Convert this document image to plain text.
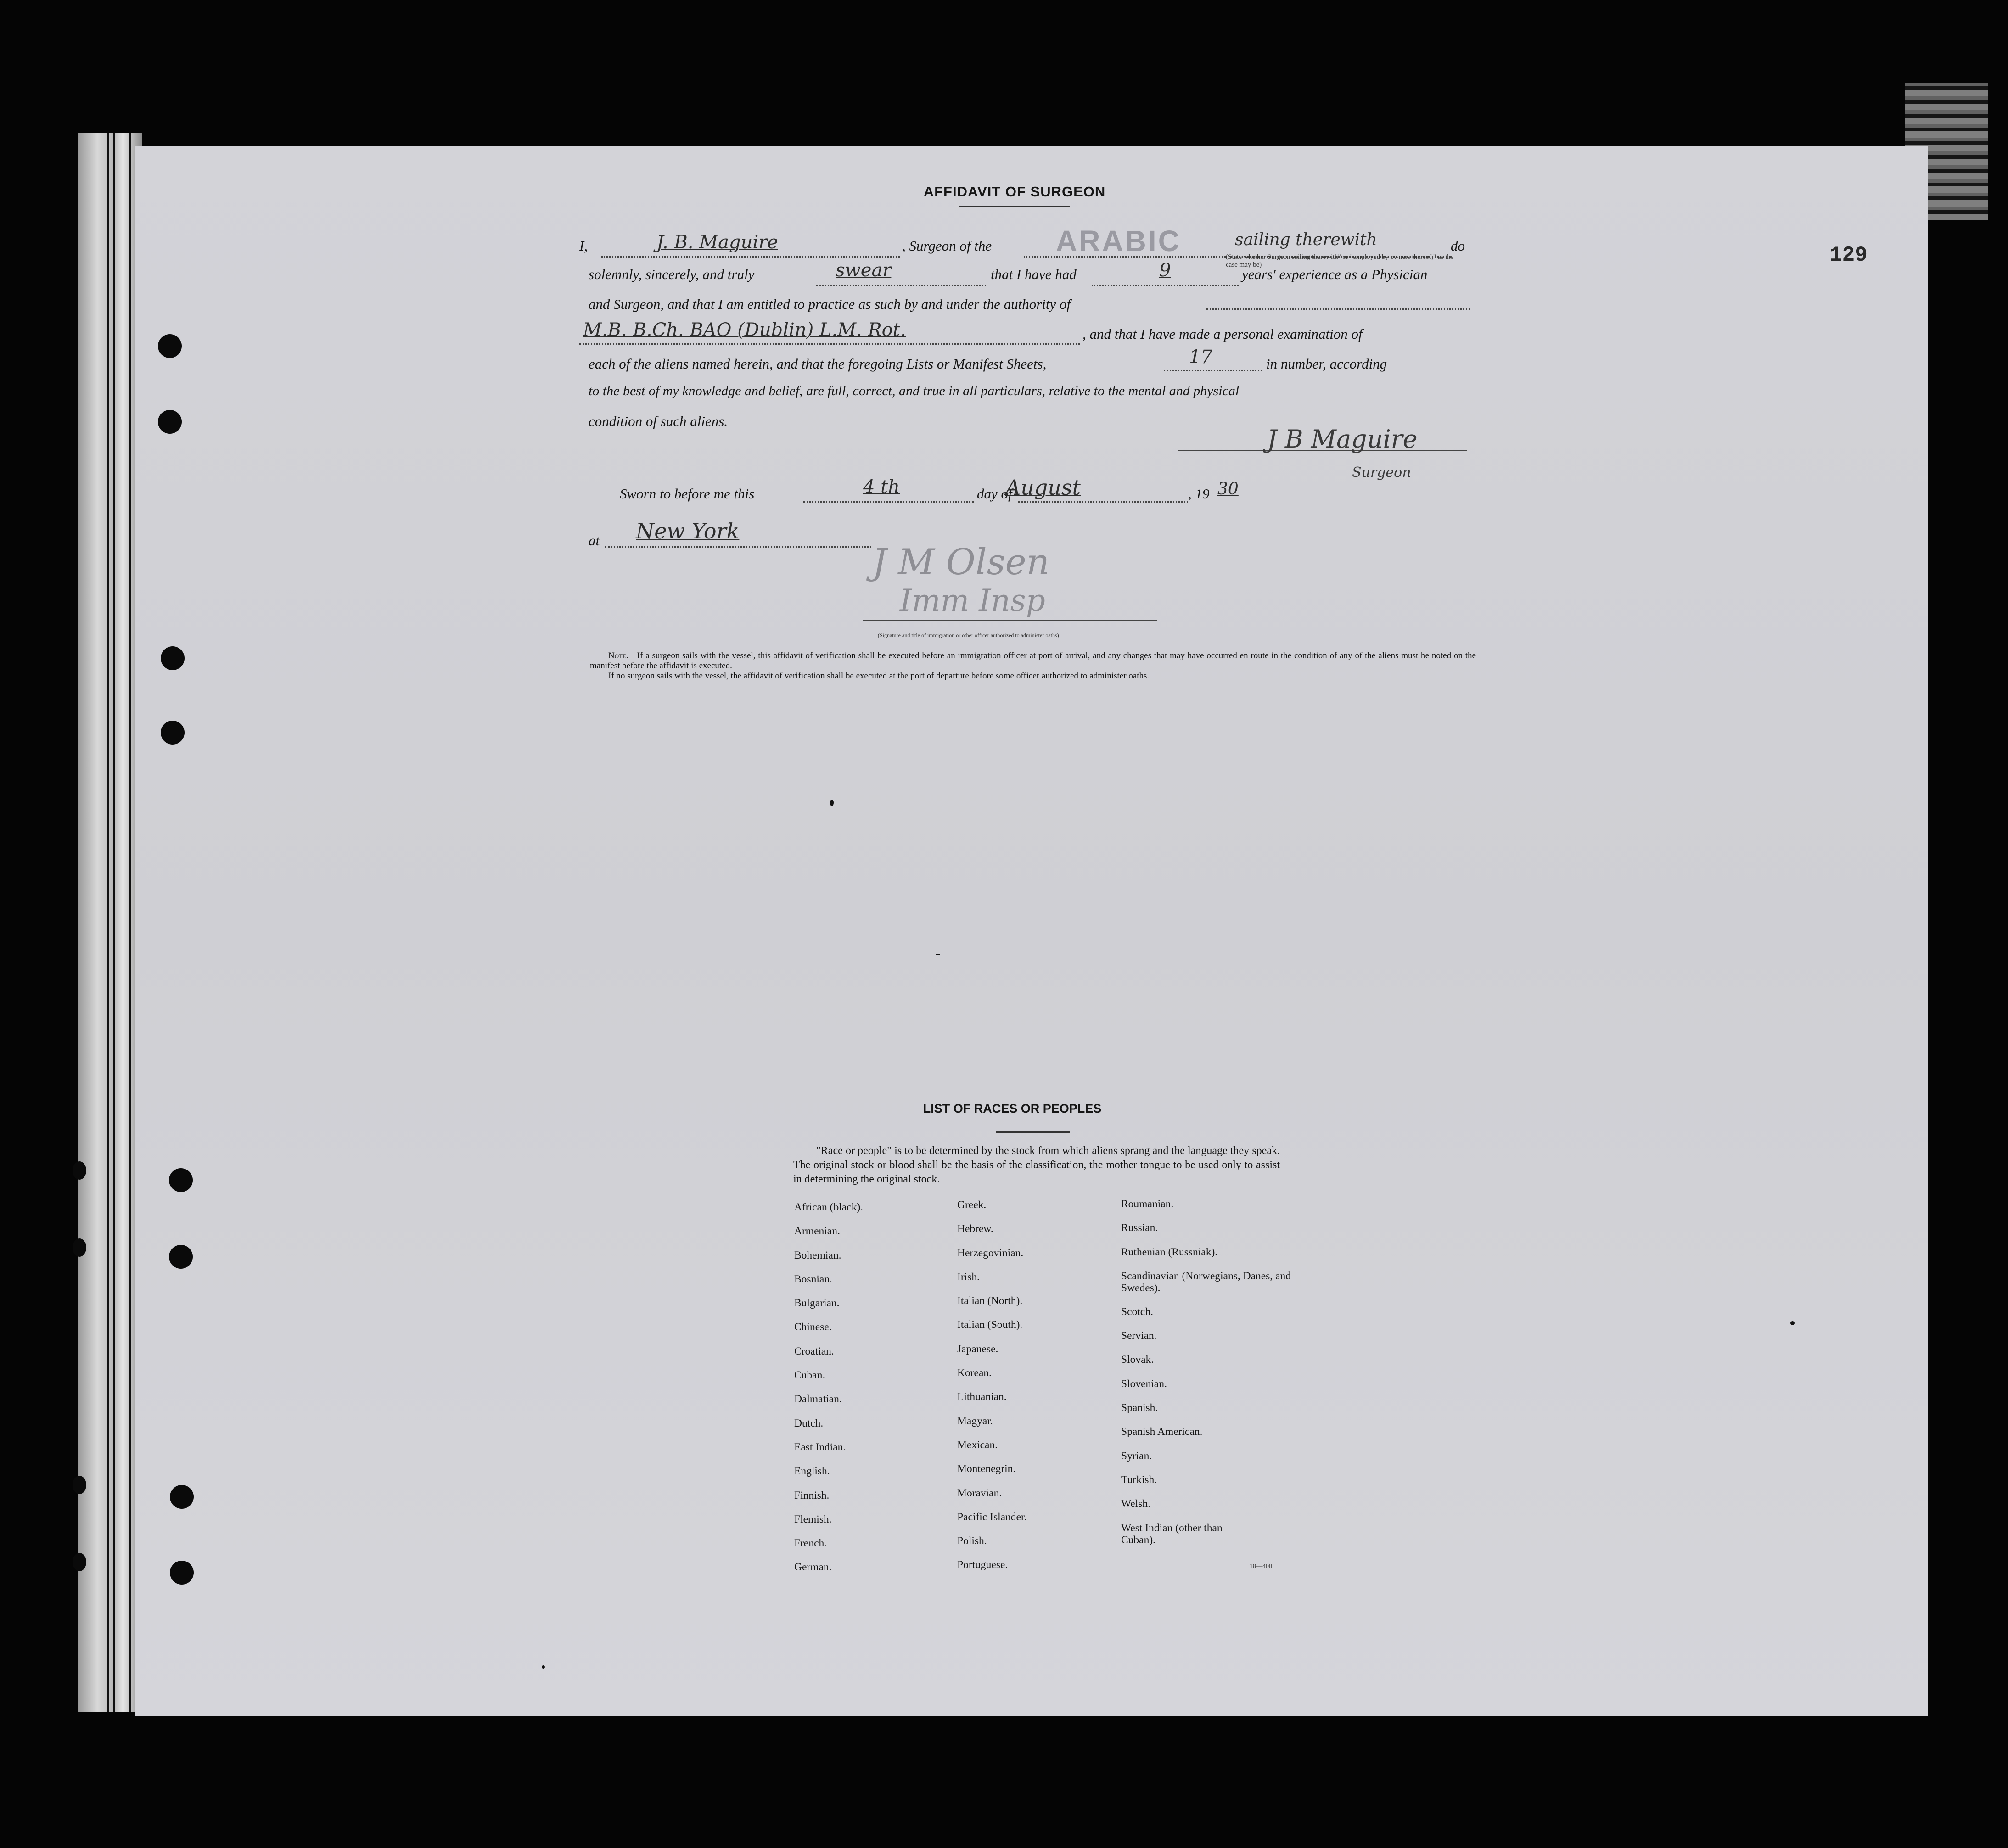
129
AFFIDAVIT OF SURGEON
I,	J. B. Maguire	, Surgeon of the ARABIC	sailing therewith	do
(State whether Surgeon sailing therewith" or "employed by owners thereof," as the case may be)
solemnly, sincerely, and truly	swear	that I have had	9	years' experience as a Physician
and Surgeon, and that I am entitled to practice as such by and under the authority of
M.B. B.Ch. BAO (Dublin) L.M. Rot.	, and that I have made a personal examination of
each of the aliens named herein, and that the foregoing Lists or Manifest Sheets,	17	in number, according
to the best of my knowledge and belief, are full, correct, and true in all particulars, relative to the mental and physical
condition of such aliens.
J B Maguire
Surgeon
Sworn to before me this	4 th	day of
August	, 19 30
at New York
J M Olsen
Imm Insp
(Signature and title of immigration or other officer authorized to administer oaths)

Note.—If a surgeon sails with the vessel, this affidavit of verification shall be executed before an immigration officer at port of arrival, and any changes that may have occurred en route in the condition of any of the aliens must be noted on the manifest before the affidavit is executed.

If no surgeon sails with the vessel, the affidavit of verification shall be executed at the port of departure before some officer authorized to administer oaths.

LIST OF RACES OR PEOPLES
"Race or people" is to be determined by the stock from which aliens sprang and the language they speak. The original stock or blood shall be the basis of the classification, the mother tongue to be used only to assist in determining the original stock.
African (black).
Armenian.
Bohemian.
Bosnian.
Bulgarian.
Chinese.
Croatian.
Cuban.
Dalmatian.
Dutch.
East Indian.
English.
Finnish.
Flemish.
French.
German.
Greek.
Hebrew.
Herzegovinian.
Irish.
Italian (North).
Italian (South).
Japanese.
Korean.
Lithuanian.
Magyar.
Mexican.
Montenegrin.
Moravian.
Pacific Islander.
Polish.
Portuguese.
Roumanian.
Russian.
Ruthenian (Russniak).
Scandinavian (Norwegians, Danes, and Swedes).
Scotch.
Servian.
Slovak.
Slovenian.
Spanish.
Spanish American.
Syrian.
Turkish.
Welsh.
West Indian (other than Cuban).
18—400
